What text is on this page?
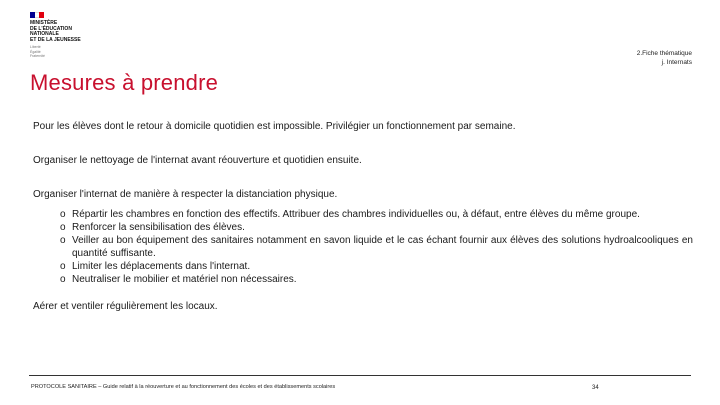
MINISTÈRE
DE L'ÉDUCATION
NATIONALE
ET DE LA JEUNESSE
Liberté
Égalité
Fraternité	2.Fiche thématique
j. Internats
Mesures à prendre

Pour les élèves dont le retour à domicile quotidien est impossible. Privilégier un fonctionnement par semaine.

Organiser le nettoyage de l'internat avant réouverture et quotidien ensuite.

Organiser l'internat de manière à respecter la distanciation physique.

o Répartir les chambres en fonction des effectifs. Attribuer des chambres individuelles ou, à défaut, entre élèves du même groupe.
o Renforcer la sensibilisation des élèves.
o Veiller au bon équipement des sanitaires notamment en savon liquide et le cas échant fournir aux élèves des solutions hydroalcooliques en quantité suffisante.
o Limiter les déplacements dans l'internat.
o Neutraliser le mobilier et matériel non nécessaires.

Aérer et ventiler régulièrement les locaux.

PROTOCOLE SANITAIRE – Guide relatif à la réouverture et au fonctionnement des écoles et des établissements scolaires	34
